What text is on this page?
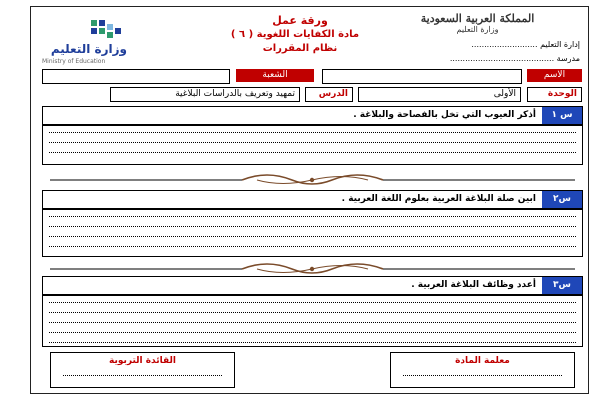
وزارة التعليم
Ministry of Education
ورقة عمل
مادة الكفايات اللغوية ( ٦ )
نظام المقررات
المملكة العربية السعودية
وزارة التعليم
إدارة التعليم ..........................
مدرسة .........................................
الاسم
الشعبة
الوحدة
الأولى
الدرس
تمهيد وتعريف بالدراسات البلاغية
س ١
أذكر العيوب التي تخل بالفصاحة والبلاغة .
س٢
ابين صلة البلاغة العربية بعلوم اللغة العربية .
س٣
أعدد وظائف البلاغة العربية .
معلمة المادة
القائدة التربوية
